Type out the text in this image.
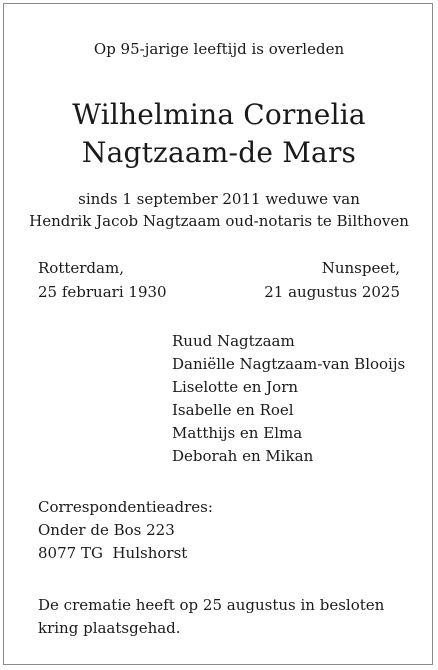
Op 95-jarige leeftijd is overleden
Wilhelmina Cornelia
Nagtzaam-de Mars
sinds 1 september 2011 weduwe van
Hendrik Jacob Nagtzaam oud-notaris te Bilthoven
Rotterdam,
25 februari 1930
Nunspeet,
21 augustus 2025
Ruud Nagtzaam
Daniëlle Nagtzaam-van Blooijs
Liselotte en Jorn
Isabelle en Roel
Matthijs en Elma
Deborah en Mikan
Correspondentieadres:
Onder de Bos 223
8077 TG  Hulshorst
De crematie heeft op 25 augustus in besloten kring plaatsgehad.
